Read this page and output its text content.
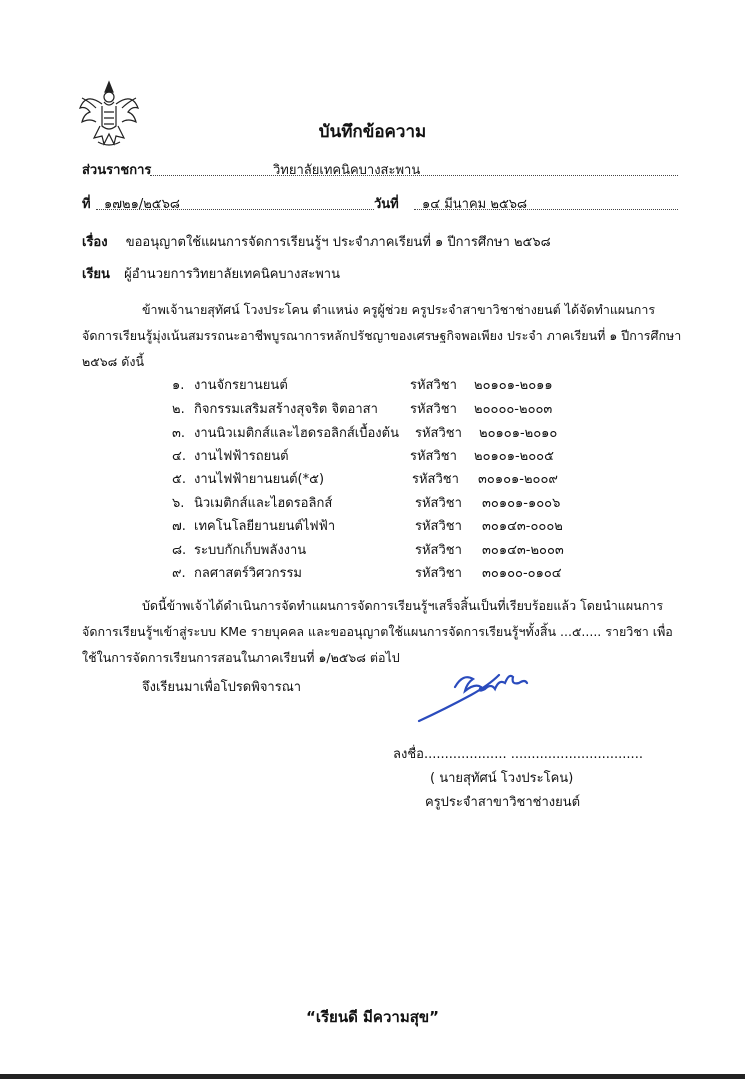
บันทึกข้อความ
ส่วนราชการ	วิทยาลัยเทคนิคบางสะพาน
ที่ ๑๗๒๑/๒๕๖๘	วันที่ ๑๔ มีนาคม ๒๕๖๘
เรื่อง ขออนุญาตใช้แผนการจัดการเรียนรู้ฯ ประจำภาคเรียนที่ ๑ ปีการศึกษา ๒๕๖๘
เรียน ผู้อำนวยการวิทยาลัยเทคนิคบางสะพาน
ข้าพเจ้านายสุทัศน์ โวงประโคน ตำแหน่ง ครูผู้ช่วย ครูประจำสาขาวิชาช่างยนต์ ได้จัดทำแผนการจัดการเรียนรู้มุ่งเน้นสมรรถนะอาชีพบูรณาการหลักปรัชญาของเศรษฐกิจพอเพียง ประจำ ภาคเรียนที่ ๑ ปีการศึกษา ๒๕๖๘ ดังนี้
๑. งานจักรยานยนต์	รหัสวิชา ๒๐๑๐๑-๒๐๑๑
๒. กิจกรรมเสริมสร้างสุจริต จิตอาสา รหัสวิชา ๒๐๐๐๐-๒๐๐๓
๓. งานนิวเมติกส์และไฮดรอลิกส์เบื้องต้น รหัสวิชา ๒๐๑๐๑-๒๐๑๐
๔. งานไฟฟ้ารถยนต์	รหัสวิชา ๒๐๑๐๑-๒๐๐๕
๕. งานไฟฟ้ายานยนต์(*๕)	รหัสวิชา ๓๐๑๐๑-๒๐๐๙
๖. นิวเมติกส์และไฮดรอลิกส์	รหัสวิชา ๓๐๑๐๑-๑๐๐๖
๗. เทคโนโลยียานยนต์ไฟฟ้า	รหัสวิชา ๓๐๑๔๓-๐๐๐๒
๘. ระบบกักเก็บพลังงาน	รหัสวิชา ๓๐๑๔๓-๒๐๐๓
๙. กลศาสตร์วิศวกรรม	รหัสวิชา ๓๐๑๐๐-๐๑๐๔
บัดนี้ข้าพเจ้าได้ดำเนินการจัดทำแผนการจัดการเรียนรู้ฯเสร็จสิ้นเป็นที่เรียบร้อยแล้ว โดยนำแผนการจัดการเรียนรู้ฯเข้าสู่ระบบ KMe รายบุคคล และขออนุญาตใช้แผนการจัดการเรียนรู้ฯทั้งสิ้น ...๕..... รายวิชา เพื่อใช้ในการจัดการเรียนการสอนในภาคเรียนที่ ๑/๒๕๖๘ ต่อไป
จึงเรียนมาเพื่อโปรดพิจารณา
ลงชื่อ.................... ................................
( นายสุทัศน์ โวงประโคน)
ครูประจำสาขาวิชาช่างยนต์
“เรียนดี มีความสุข”
